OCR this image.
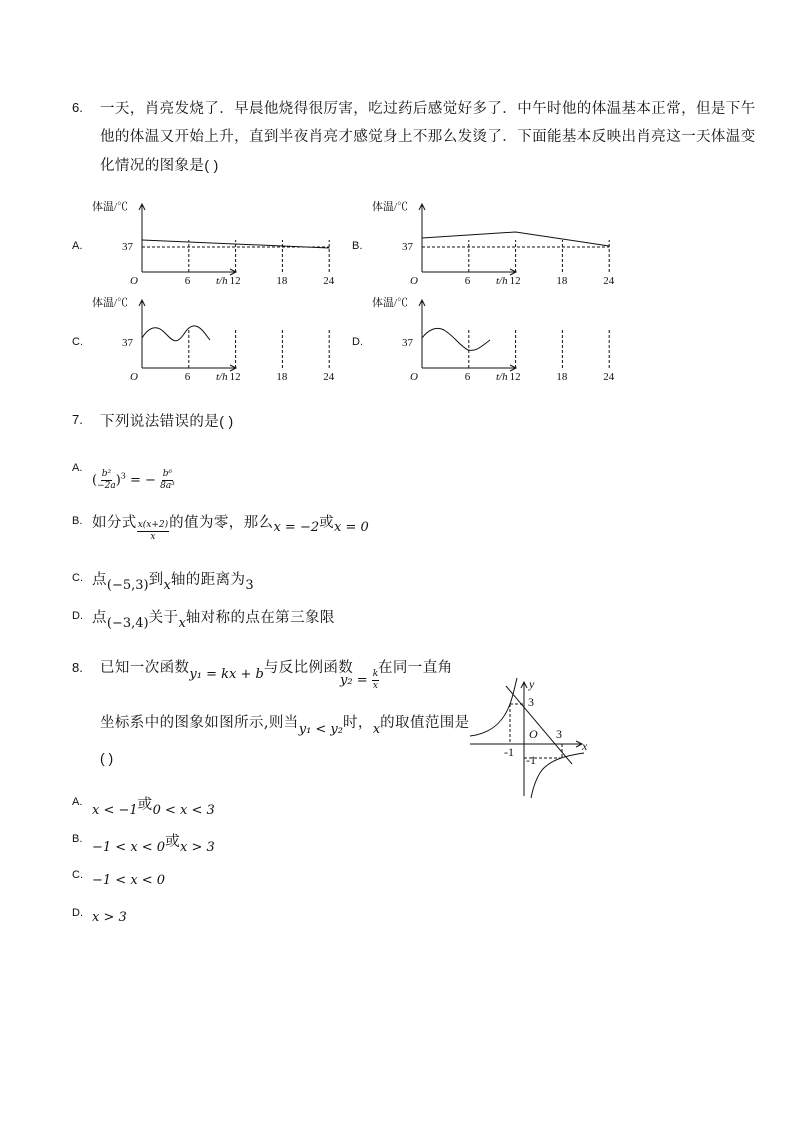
6. 一天，肖亮发烧了．早晨他烧得很厉害，吃过药后感觉好多了．中午时他的体温基本正常，但是下午
他的体温又开始上升，直到半夜肖亮才感觉身上不那么发烫了．下面能基本反映出肖亮这一天体温变
化情况的图象是( )
A.	B.
C.	D.
体温/℃
37
O	6	12	18	24
t/h
体温/℃
37
O	6	12	18	24
t/h
体温/℃
37
O	6	12	18	24
t/h
体温/℃
37
O	6	12	18	24
t/h
7. 下列说法错误的是( )
A.
( $\frac{\text{b²}}{-2a} )^3$ = − $\frac{\text{b⁶}}{\text{8a³}}$
B. 如分式 $\frac{x(x+2)}{x}$ 的值为零，那么x = −2或x = 0
C. 点(−5,3)到x轴的距离为3
D. 点(−3,4)关于x轴对称的点在第三象限
8. 已知一次函数y₁ = kx + b与反比例函数
$y_2 = \frac{k}{x}$
在同一直角
坐标系中的图象如图所示,则当y₁ < y₂时，x的取值范围是
( )
y
x
O
3
3
-1
-1
A.
x < −1或0 < x < 3
B.
−1 < x < 0或x > 3
C. −1 < x < 0
D. x > 3
